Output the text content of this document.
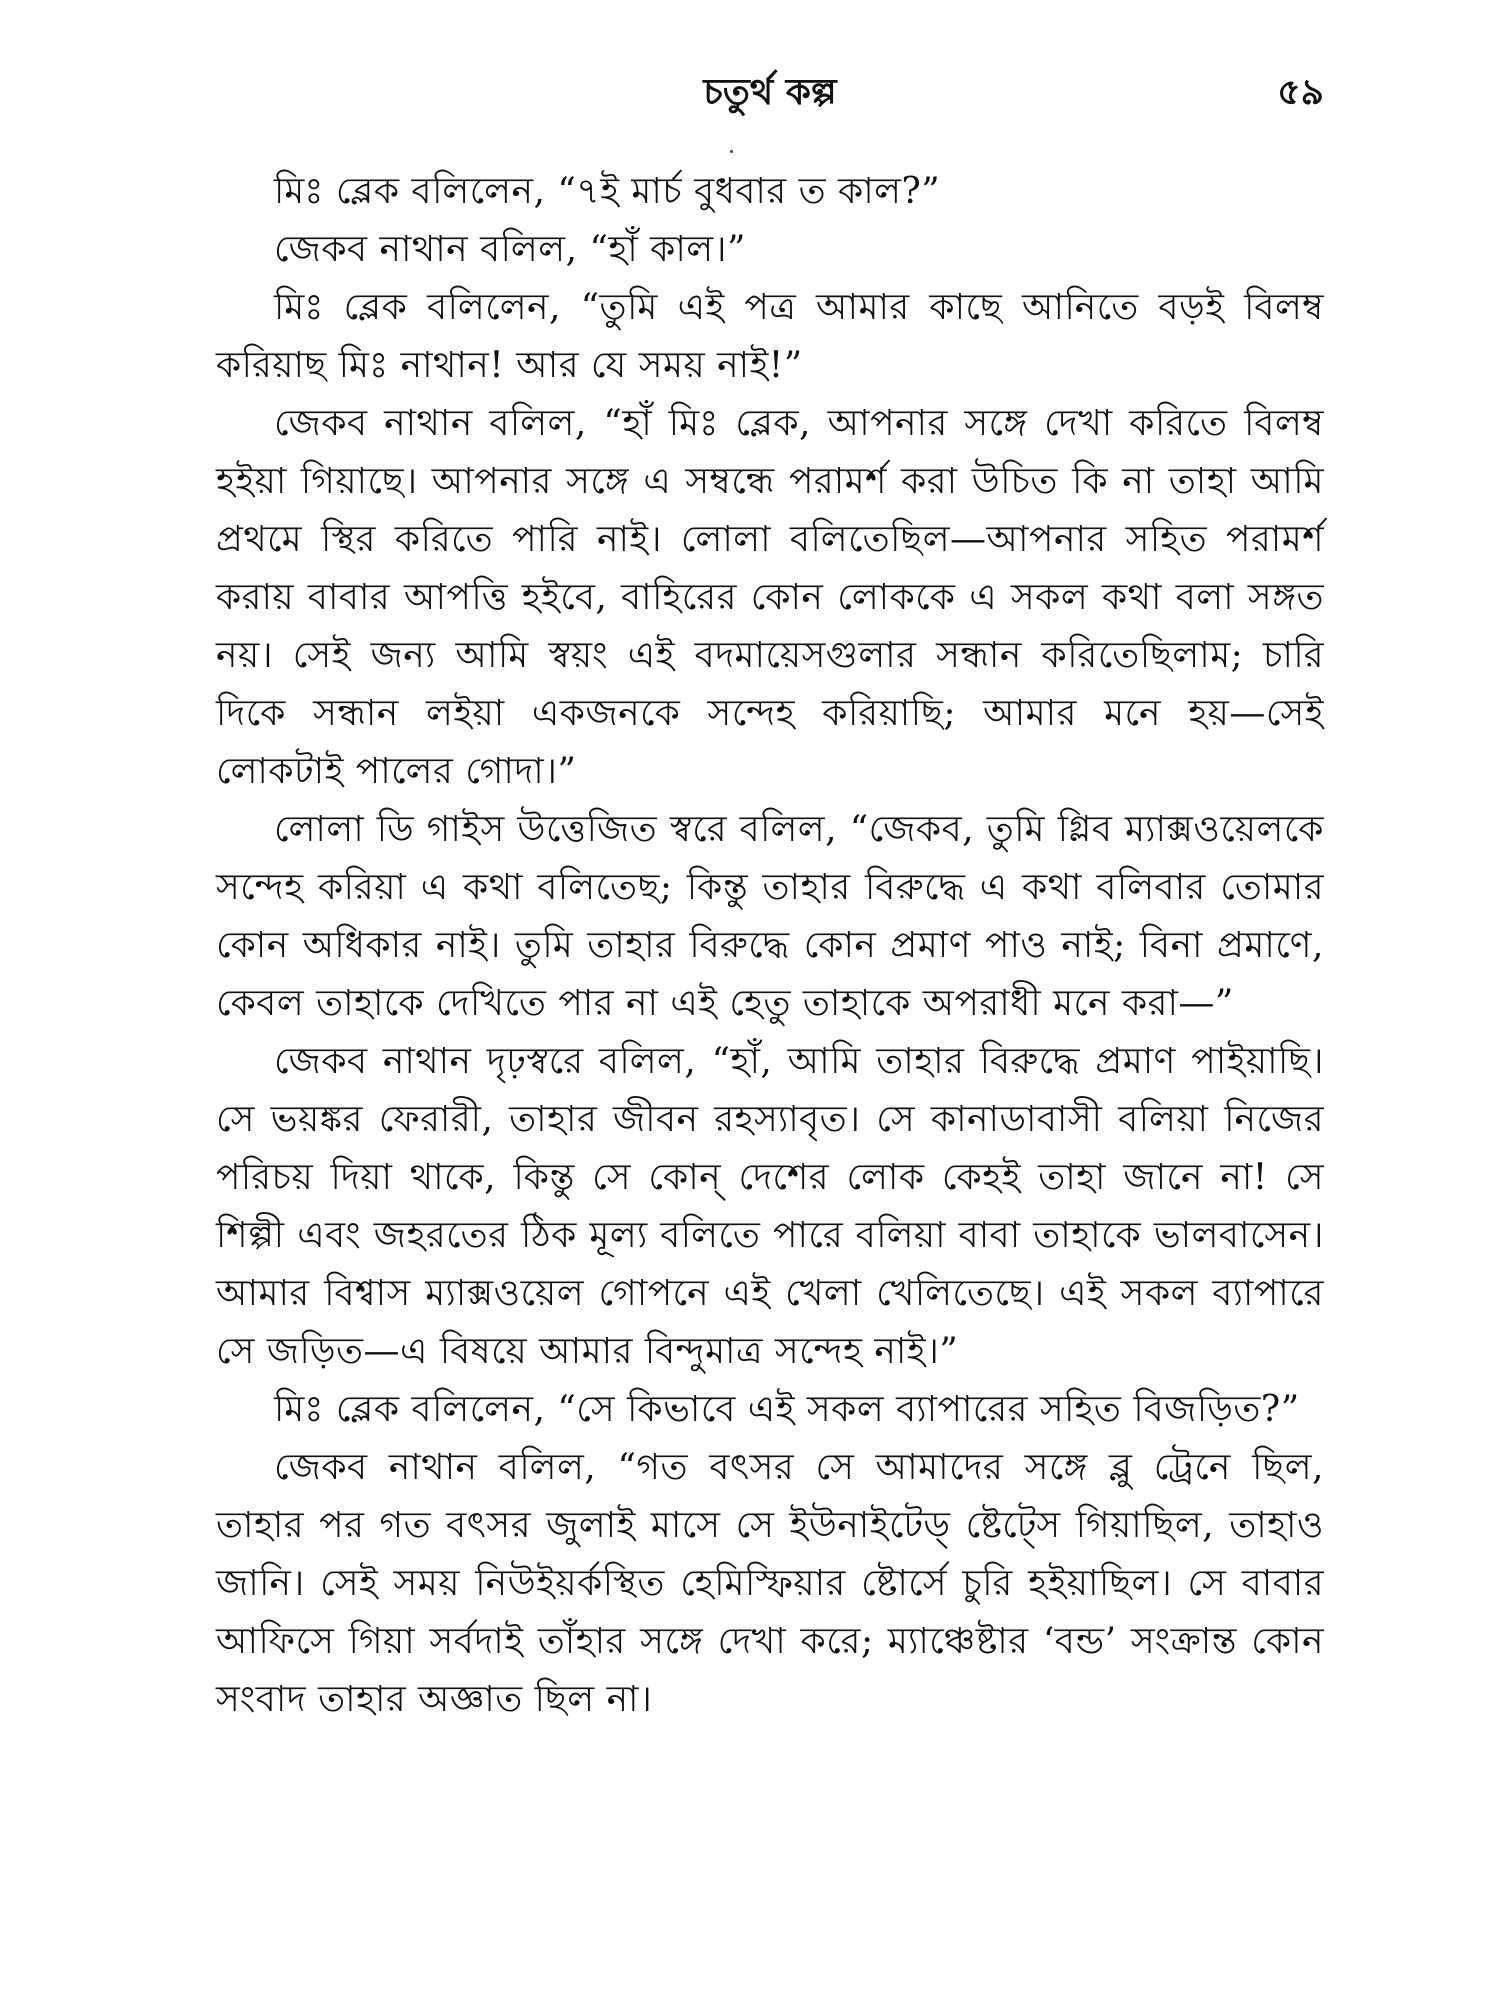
চতুর্থ কল্প	৫৯

মিঃ ব্লেক বলিলেন, “৭ই মার্চ বুধবার ত কাল?”

জেকব নাথান বলিল, “হাঁ কাল।”

মিঃ ব্লেক বলিলেন, “তুমি এই পত্র আমার কাছে আনিতে বড়ই বিলম্ব করিয়াছ মিঃ নাথান! আর যে সময় নাই!”

জেকব নাথান বলিল, “হাঁ মিঃ ব্লেক, আপনার সঙ্গে দেখা করিতে বিলম্ব হইয়া গিয়াছে। আপনার সঙ্গে এ সম্বন্ধে পরামর্শ করা উচিত কি না তাহা আমি প্রথমে স্থির করিতে পারি নাই। লোলা বলিতেছিল—আপনার সহিত পরামর্শ করায় বাবার আপত্তি হইবে, বাহিরের কোন লোককে এ সকল কথা বলা সঙ্গত নয়। সেই জন্য আমি স্বয়ং এই বদমায়েসগুলার সন্ধান করিতেছিলাম; চারি দিকে সন্ধান লইয়া একজনকে সন্দেহ করিয়াছি; আমার মনে হয়—সেই লোকটাই পালের গোদা।”

লোলা ডি গাইস উত্তেজিত স্বরে বলিল, “জেকব, তুমি গ্লিব ম্যাক্সওয়েলকে সন্দেহ করিয়া এ কথা বলিতেছ; কিন্তু তাহার বিরুদ্ধে এ কথা বলিবার তোমার কোন অধিকার নাই। তুমি তাহার বিরুদ্ধে কোন প্রমাণ পাও নাই; বিনা প্রমাণে, কেবল তাহাকে দেখিতে পার না এই হেতু তাহাকে অপরাধী মনে করা—”

জেকব নাথান দৃঢ়স্বরে বলিল, “হাঁ, আমি তাহার বিরুদ্ধে প্রমাণ পাইয়াছি। সে ভয়ঙ্কর ফেরারী, তাহার জীবন রহস্যাবৃত। সে কানাডাবাসী বলিয়া নিজের পরিচয় দিয়া থাকে, কিন্তু সে কোন্ দেশের লোক কেহই তাহা জানে না! সে শিল্পী এবং জহরতের ঠিক মূল্য বলিতে পারে বলিয়া বাবা তাহাকে ভালবাসেন। আমার বিশ্বাস ম্যাক্সওয়েল গোপনে এই খেলা খেলিতেছে। এই সকল ব্যাপারে সে জড়িত—এ বিষয়ে আমার বিন্দুমাত্র সন্দেহ নাই।”

মিঃ ব্লেক বলিলেন, “সে কিভাবে এই সকল ব্যাপারের সহিত বিজড়িত?”

জেকব নাথান বলিল, “গত বৎসর সে আমাদের সঙ্গে ব্লু ট্রেনে ছিল, তাহার পর গত বৎসর জুলাই মাসে সে ইউনাইটেড্ ষ্টেট্সে গিয়াছিল, তাহাও জানি। সেই সময় নিউইয়র্কস্থিত হেমিস্ফিয়ার ষ্টোর্সে চুরি হইয়াছিল। সে বাবার আফিসে গিয়া সর্বদাই তাঁহার সঙ্গে দেখা করে; ম্যাঞ্চেষ্টার ‘বন্ড’ সংক্রান্ত কোন সংবাদ তাহার অজ্ঞাত ছিল না।
